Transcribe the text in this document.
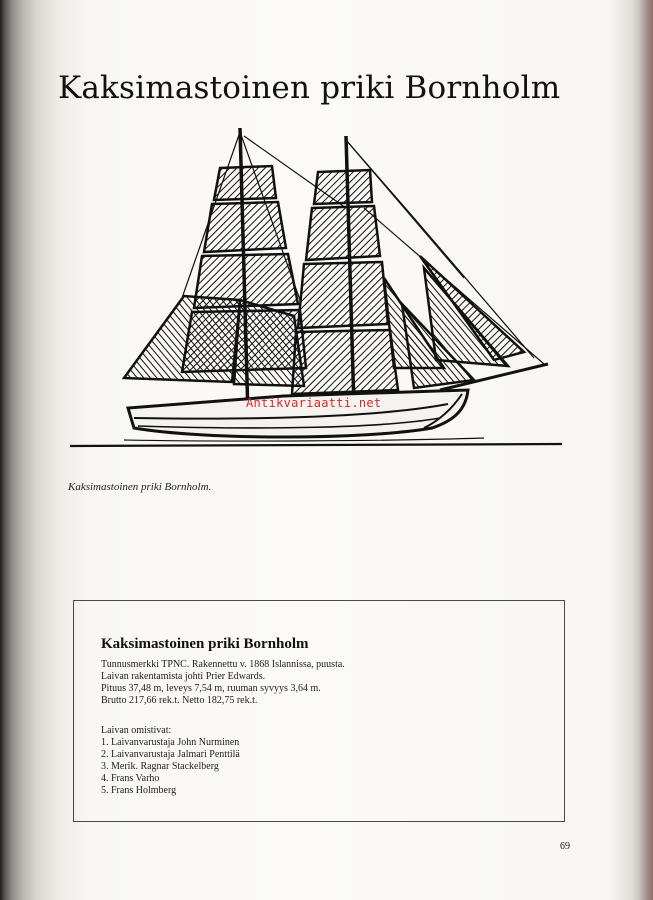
Kaksimastoinen priki Bornholm
Antikvariaatti.net
Kaksimastoinen priki Bornholm.
Kaksimastoinen priki Bornholm
Tunnusmerkki TPNC. Rakennettu v. 1868 Islannissa, puusta.
Laivan rakentamista johti Prier Edwards.
Pituus 37,48 m, leveys 7,54 m, ruuman syvyys 3,64 m.
Brutto 217,66 rek.t. Netto 182,75 rek.t.
Laivan omistivat:
1. Laivanvarustaja John Nurminen
2. Laivanvarustaja Jalmari Penttilä
3. Merik. Ragnar Stackelberg
4. Frans Varho
5. Frans Holmberg
69
